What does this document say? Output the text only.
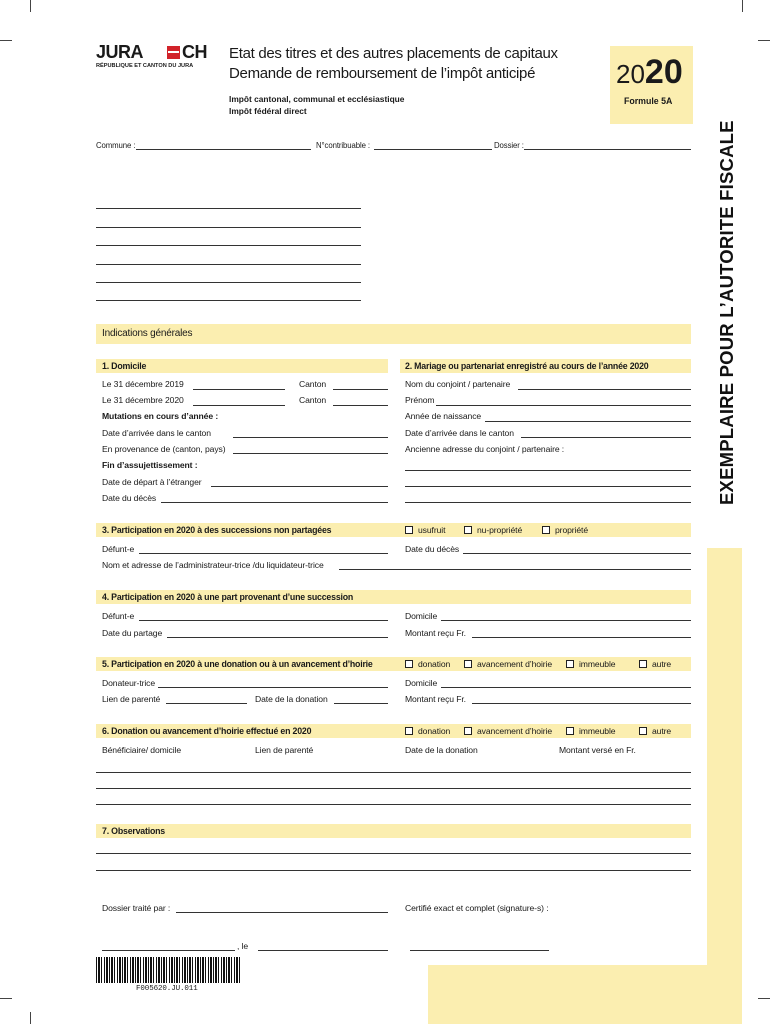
EXEMPLAIRE POUR L’AUTORITE FISCALE
JURA CH
RÉPUBLIQUE ET CANTON DU JURA
Etat des titres et des autres placements de capitaux
Demande de remboursement de l’impôt anticipé
Impôt cantonal, communal et ecclésiastique
Impôt fédéral direct
2020
Formule 5A
Commune :	N°contribuable :	Dossier :
Indications générales
1. Domicile
Le 31 décembre 2019	Canton
Le 31 décembre 2020	Canton
Mutations en cours d’année :
Date d’arrivée dans le canton
En provenance de (canton, pays)
Fin d’assujettissement :
Date de départ à l’étranger
Date du décès
2. Mariage ou partenariat enregistré au cours de l’année 2020
Nom du conjoint / partenaire
Prénom
Année de naissance
Date d’arrivée dans le canton
Ancienne adresse du conjoint / partenaire :
3. Participation en 2020 à des successions non partagées	usufruit	nu-propriété	propriété
Défunt-e	Date du décès
Nom et adresse de l’administrateur-trice /du liquidateur-trice
4. Participation en 2020 à une part provenant d’une succession
Défunt-e	Domicile
Date du partage	Montant reçu Fr.
5. Participation en 2020 à une donation ou à un avancement d’hoirie	donation	avancement d’hoirie	immeuble	autre
Donateur-trice	Domicile
Lien de parenté	Date de la donation	Montant reçu Fr.
6. Donation ou avancement d’hoirie effectué en 2020	donation	avancement d’hoirie	immeuble	autre
Bénéficiaire/ domicile	Lien de parenté	Date de la donation	Montant versé en Fr.
7. Observations
Dossier traité par :	Certifié exact et complet (signature-s) :
, le
F005620.JU.011
